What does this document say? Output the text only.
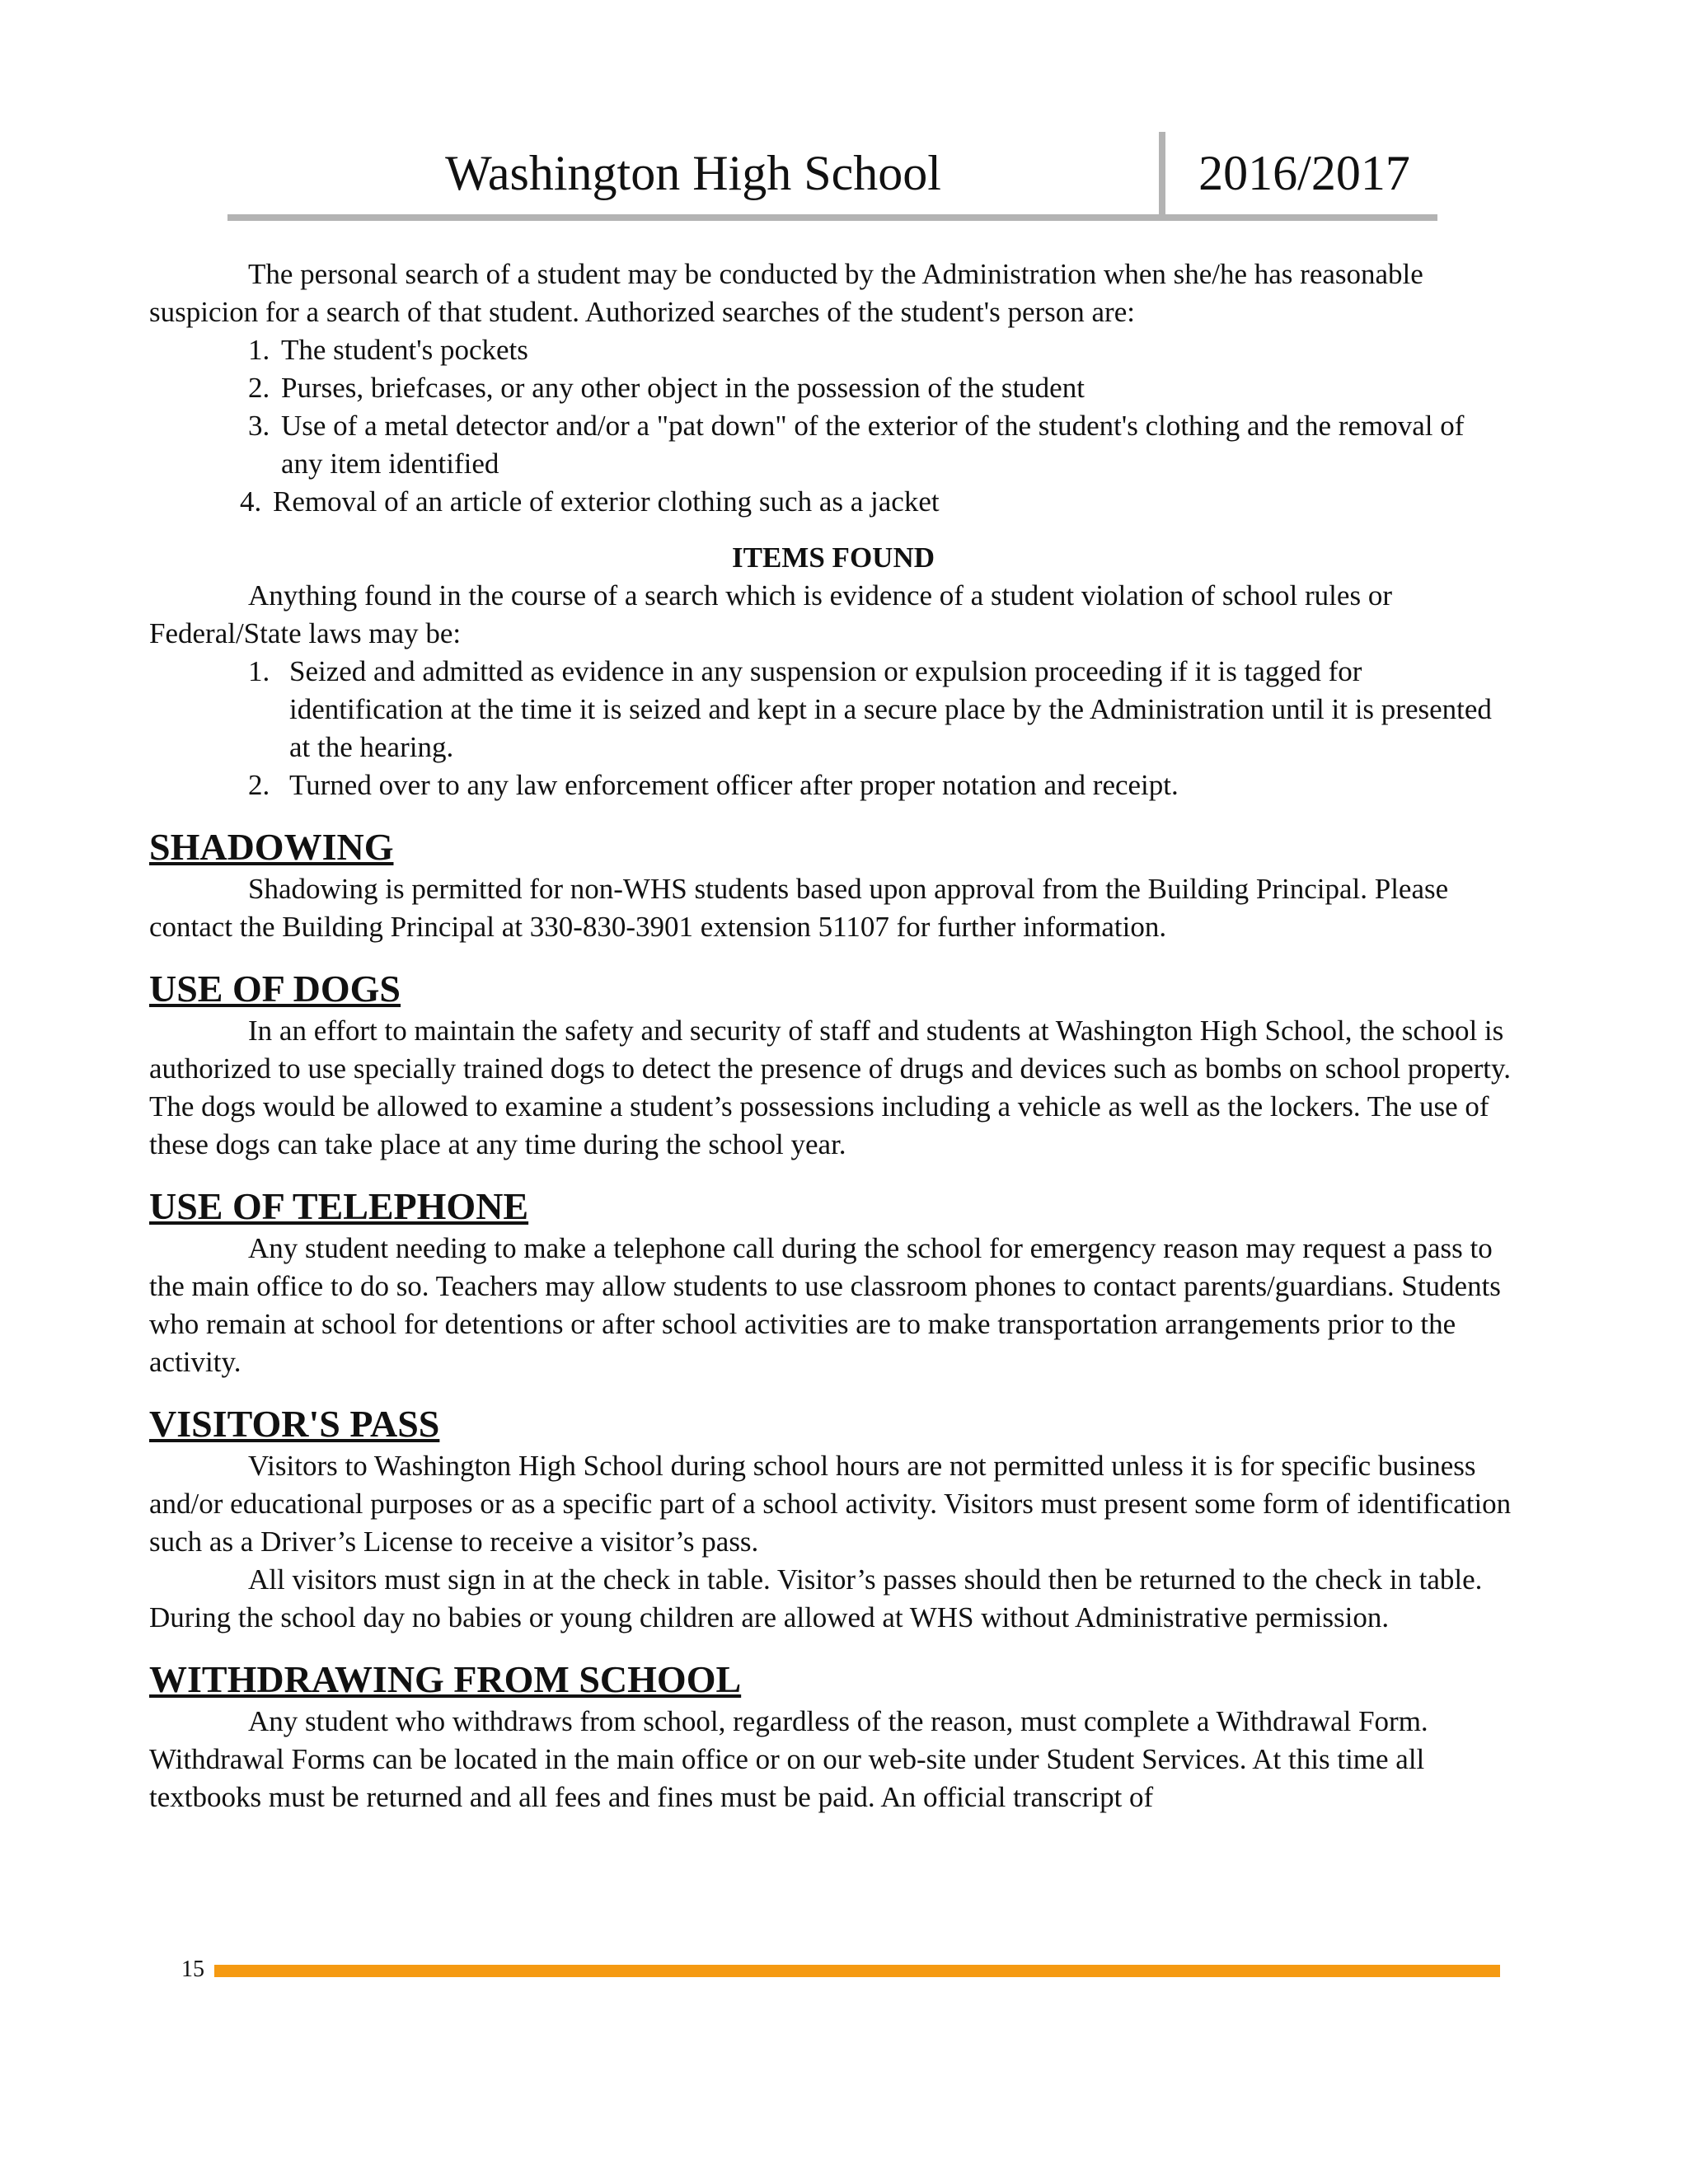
Washington High School	2016/2017

The personal search of a student may be conducted by the Administration when she/he has reasonable suspicion for a search of that student. Authorized searches of the student's person are:

1. The student's pockets

2. Purses, briefcases, or any other object in the possession of the student

3. Use of a metal detector and/or a "pat down" of the exterior of the student's clothing and the removal of any item identified

4. Removal of an article of exterior clothing such as a jacket

ITEMS FOUND

Anything found in the course of a search which is evidence of a student violation of school rules or Federal/State laws may be:

1. Seized and admitted as evidence in any suspension or expulsion proceeding if it is tagged for identification at the time it is seized and kept in a secure place by the Administration until it is presented at the hearing.

2. Turned over to any law enforcement officer after proper notation and receipt.

SHADOWING

Shadowing is permitted for non-WHS students based upon approval from the Building Principal. Please contact the Building Principal at 330-830-3901 extension 51107 for further information.

USE OF DOGS

In an effort to maintain the safety and security of staff and students at Washington High School, the school is authorized to use specially trained dogs to detect the presence of drugs and devices such as bombs on school property. The dogs would be allowed to examine a student’s possessions including a vehicle as well as the lockers. The use of these dogs can take place at any time during the school year.

USE OF TELEPHONE

Any student needing to make a telephone call during the school for emergency reason may request a pass to the main office to do so. Teachers may allow students to use classroom phones to contact parents/guardians. Students who remain at school for detentions or after school activities are to make transportation arrangements prior to the activity.

VISITOR'S PASS

Visitors to Washington High School during school hours are not permitted unless it is for specific business and/or educational purposes or as a specific part of a school activity. Visitors must present some form of identification such as a Driver’s License to receive a visitor’s pass.

All visitors must sign in at the check in table. Visitor’s passes should then be returned to the check in table. During the school day no babies or young children are allowed at WHS without Administrative permission.

WITHDRAWING FROM SCHOOL

Any student who withdraws from school, regardless of the reason, must complete a Withdrawal Form. Withdrawal Forms can be located in the main office or on our web-site under Student Services. At this time all textbooks must be returned and all fees and fines must be paid. An official transcript of

15
